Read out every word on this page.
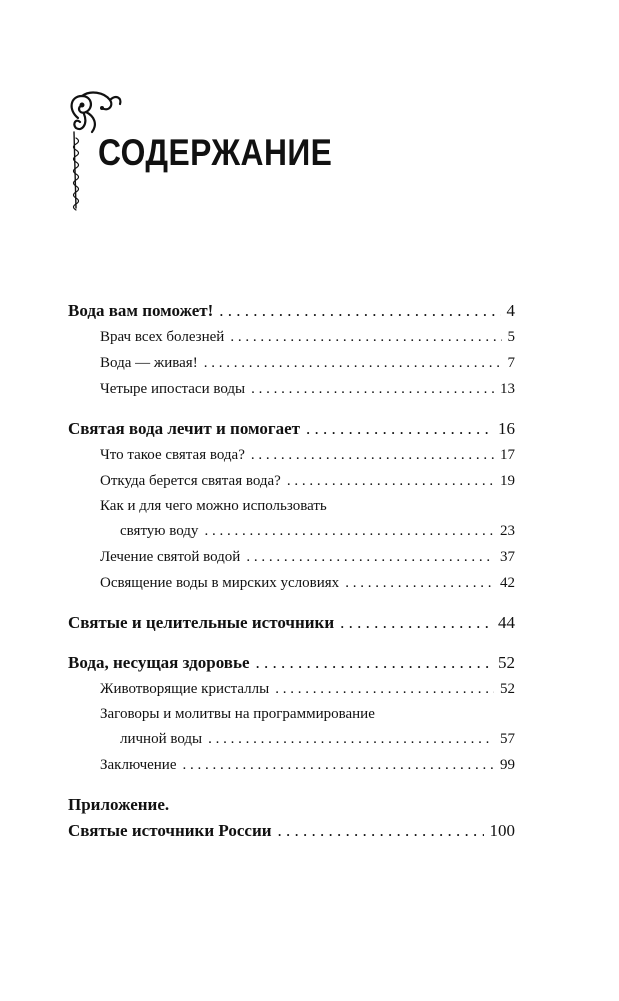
СОДЕРЖАНИЕ
Вода вам поможет! . . .	4
Врач всех болезней . . .	5
Вода — живая! . . .	7
Четыре ипостаси воды . . .	13
Святая вода лечит и помогает . . .	16
Что такое святая вода? . . .	17
Откуда берется святая вода? . . .	19
Как и для чего можно использовать
святую воду . . .	23
Лечение святой водой . . .	37
Освящение воды в мирских условиях . . .	42
Святые и целительные источники . . .	44
Вода, несущая здоровье . . .	52
Животворящие кристаллы . . .	52
Заговоры и молитвы на программирование
личной воды . . .	57
Заключение . . .	99
Приложение.
Святые источники России . . .	100
